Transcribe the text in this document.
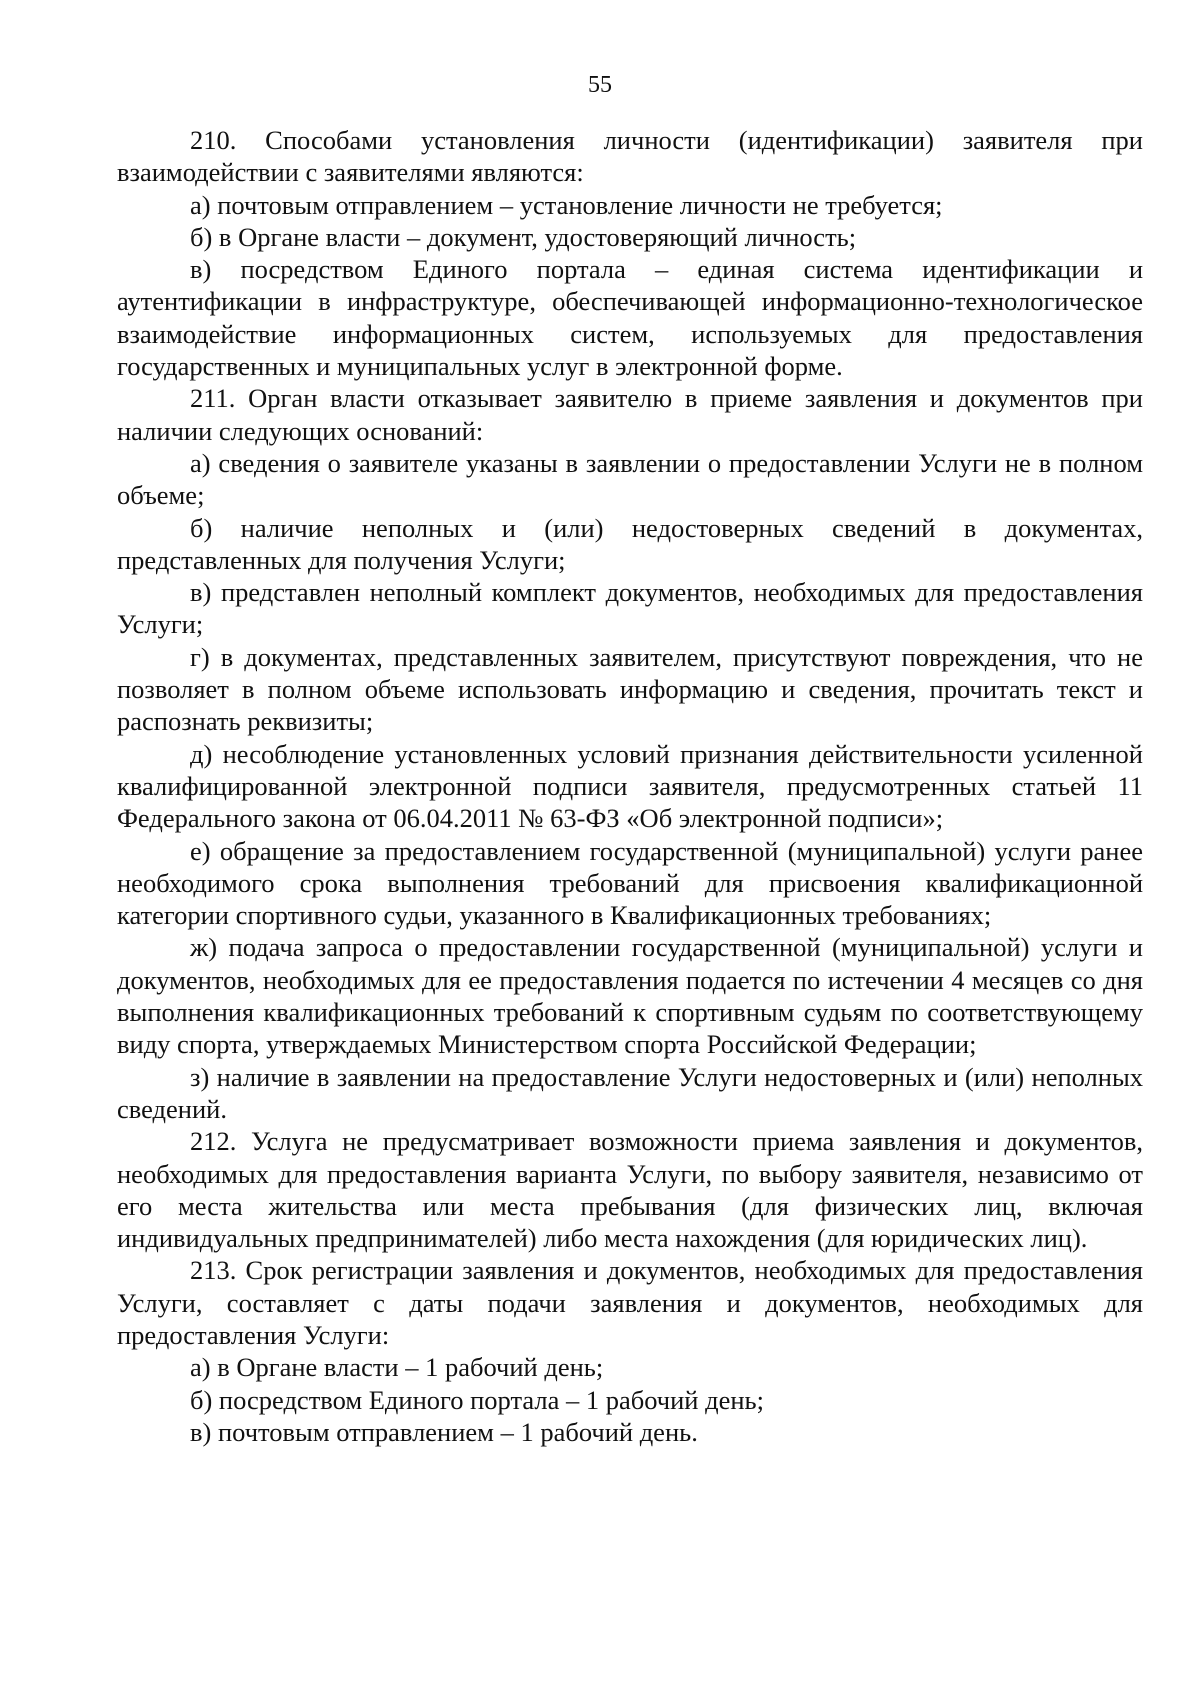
55

210. Способами установления личности (идентификации) заявителя при взаимодействии с заявителями являются:

а) почтовым отправлением – установление личности не требуется;

б) в Органе власти – документ, удостоверяющий личность;

в) посредством Единого портала – единая система идентификации и аутентификации в инфраструктуре, обеспечивающей информационно-технологическое взаимодействие информационных систем, используемых для предоставления государственных и муниципальных услуг в электронной форме.

211. Орган власти отказывает заявителю в приеме заявления и документов при наличии следующих оснований:

а) сведения о заявителе указаны в заявлении о предоставлении Услуги не в полном объеме;

б) наличие неполных и (или) недостоверных сведений в документах, представленных для получения Услуги;

в) представлен неполный комплект документов, необходимых для предоставления Услуги;

г) в документах, представленных заявителем, присутствуют повреждения, что не позволяет в полном объеме использовать информацию и сведения, прочитать текст и распознать реквизиты;

д) несоблюдение установленных условий признания действительности усиленной квалифицированной электронной подписи заявителя, предусмотренных статьей 11 Федерального закона от 06.04.2011 № 63-ФЗ «Об электронной подписи»;

е) обращение за предоставлением государственной (муниципальной) услуги ранее необходимого срока выполнения требований для присвоения квалификационной категории спортивного судьи, указанного в Квалификационных требованиях;

ж) подача запроса о предоставлении государственной (муниципальной) услуги и документов, необходимых для ее предоставления подается по истечении 4 месяцев со дня выполнения квалификационных требований к спортивным судьям по соответствующему виду спорта, утверждаемых Министерством спорта Российской Федерации;

з) наличие в заявлении на предоставление Услуги недостоверных и (или) неполных сведений.

212. Услуга не предусматривает возможности приема заявления и документов, необходимых для предоставления варианта Услуги, по выбору заявителя, независимо от его места жительства или места пребывания (для физических лиц, включая индивидуальных предпринимателей) либо места нахождения (для юридических лиц).

213. Срок регистрации заявления и документов, необходимых для предоставления Услуги, составляет с даты подачи заявления и документов, необходимых для предоставления Услуги:

а) в Органе власти – 1 рабочий день;

б) посредством Единого портала – 1 рабочий день;

в) почтовым отправлением – 1 рабочий день.
